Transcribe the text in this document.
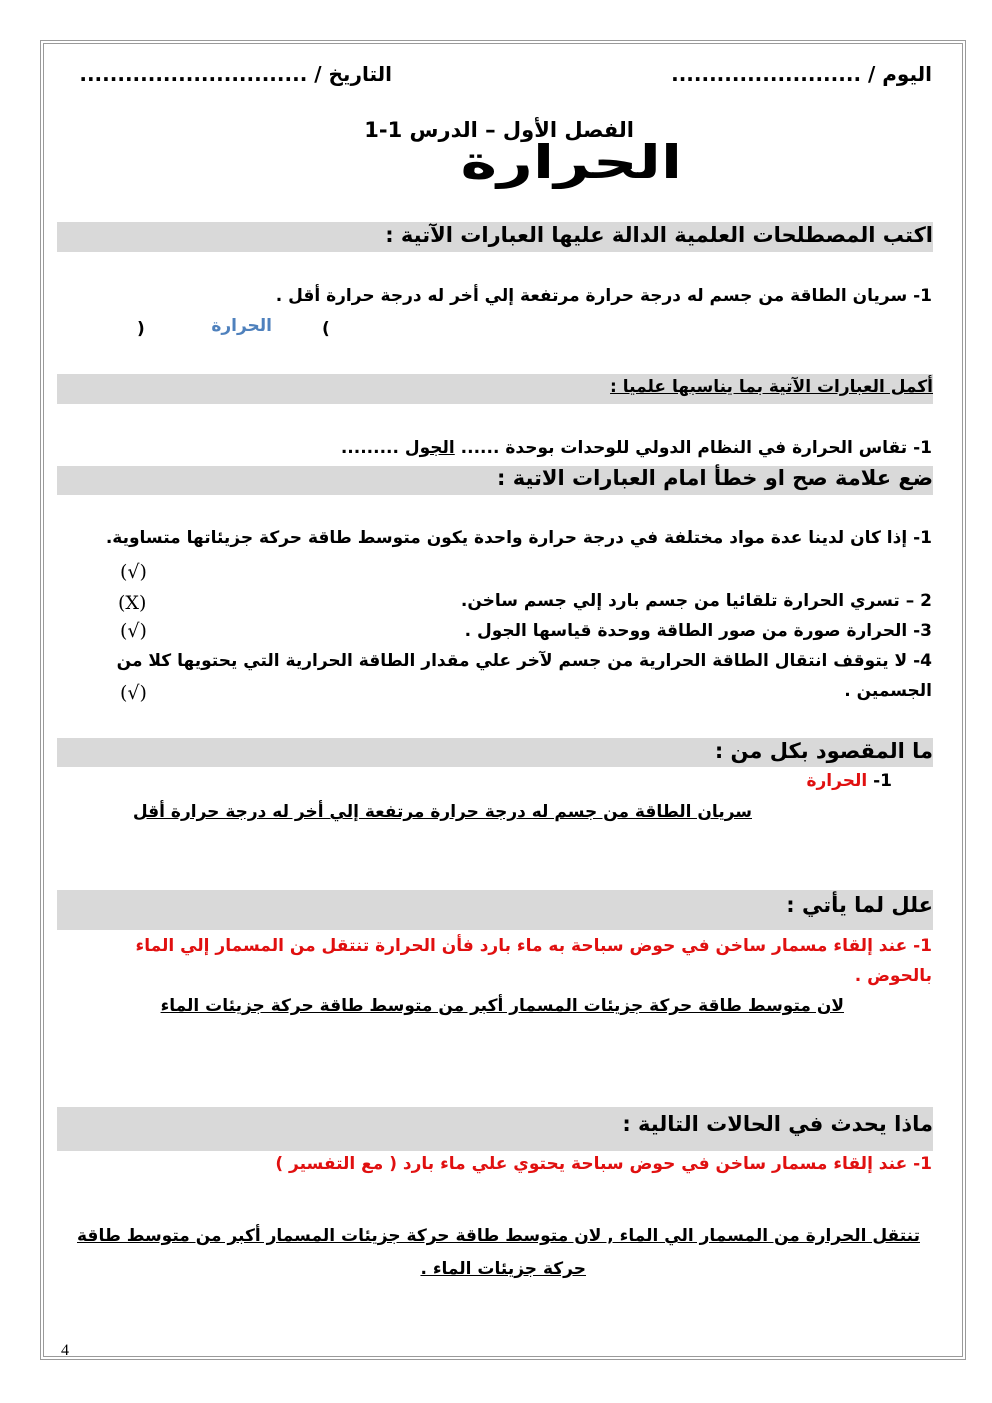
اليوم / .........................
التاريخ / ..............................
الفصل الأول – الدرس 1-1
الحرارة
اكتب المصطلحات العلمية الدالة عليها العبارات الآتية :
1- سريان الطاقة من جسم له درجة حرارة مرتفعة إلي أخر له درجة حرارة أقل .
(
الحرارة
)
أكمل العبارات الآتية بما يناسبها علميا :
1- تقاس الحرارة في النظام الدولي للوحدات بوحدة ...... الجول .........
ضع علامة صح او خطأ امام العبارات الاتية :
1- إذا كان لدينا عدة مواد مختلفة في درجة حرارة واحدة يكون متوسط طاقة حركة جزيئاتها متساوية.
(√)
2 – تسري الحرارة تلقائيا من جسم بارد إلي جسم ساخن.
(X)
3- الحرارة صورة من صور الطاقة ووحدة قياسها الجول .
(√)
4- لا يتوقف انتقال الطاقة الحرارية من جسم لآخر علي مقدار الطاقة الحرارية التي يحتويها كلا من
الجسمين .
(√)
ما المقصود بكل من :
1- الحرارة
سريان الطاقة من جسم له درجة حرارة مرتفعة إلي أخر له درجة حرارة أقل
علل لما يأتي :
1- عند إلقاء مسمار ساخن في حوض سباحة به ماء بارد فأن الحرارة تنتقل من المسمار إلي الماء
بالحوض .
لان متوسط طاقة حركة جزيئات المسمار أكبر من متوسط طاقة حركة جزيئات الماء
ماذا يحدث في الحالات التالية :
1- عند إلقاء مسمار ساخن في حوض سباحة يحتوي علي ماء بارد ( مع التفسير )
تنتقل الحرارة من المسمار الي الماء , لان متوسط طاقة حركة جزيئات المسمار أكبر من متوسط طاقة
حركة جزيئات الماء .
4
